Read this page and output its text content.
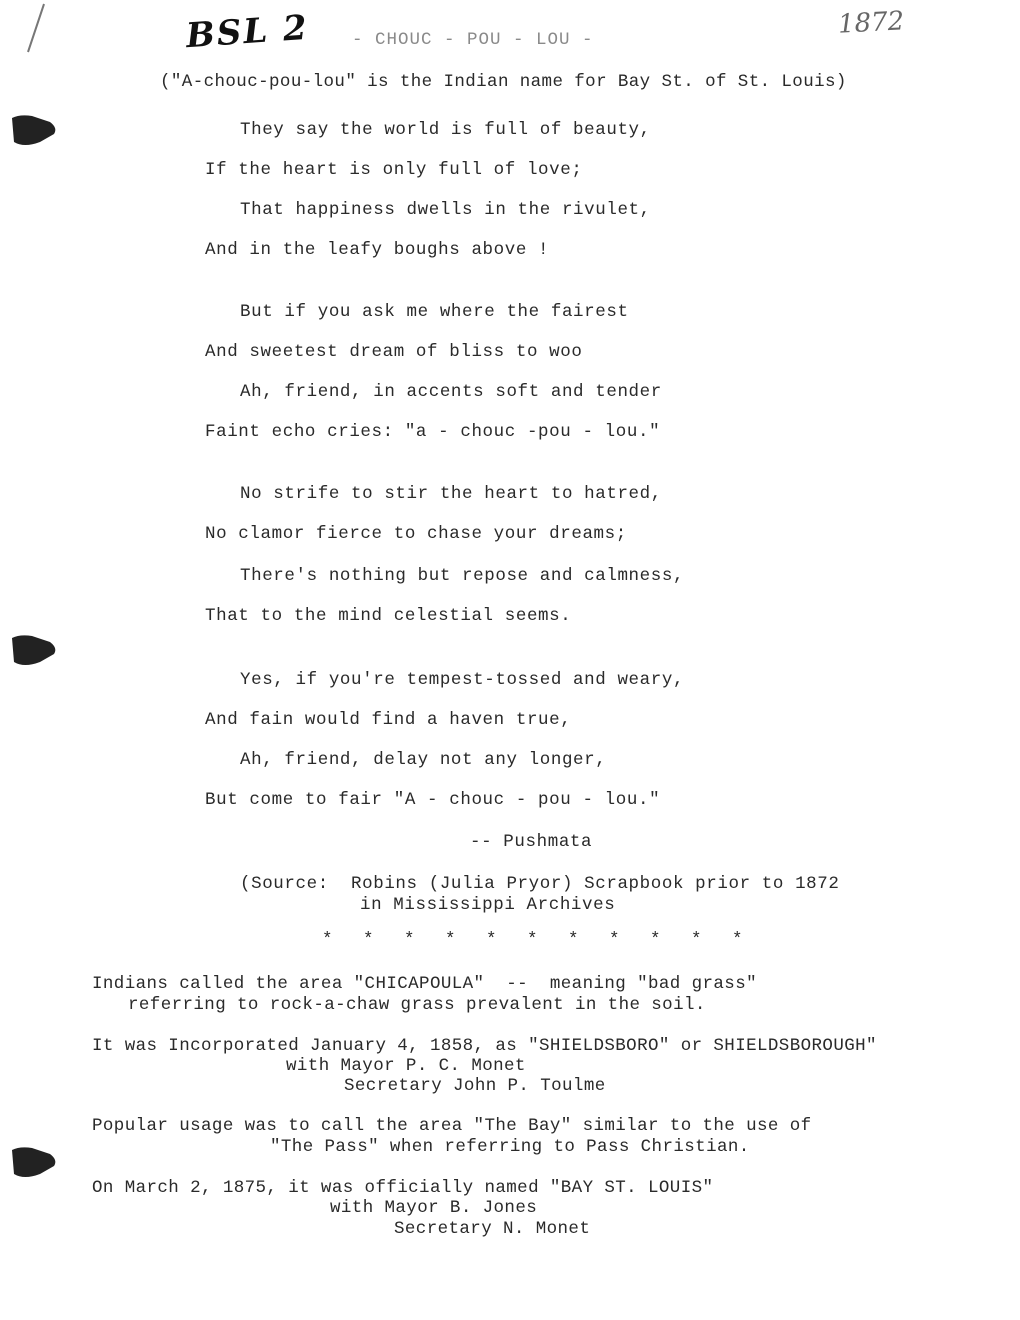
BSL 2	1872
- CHOUC - POU - LOU -
("A-chouc-pou-lou" is the Indian name for Bay St. of St. Louis)
They say the world is full of beauty,
If the heart is only full of love;
That happiness dwells in the rivulet,
And in the leafy boughs above !
But if you ask me where the fairest
And sweetest dream of bliss to woo
Ah, friend, in accents soft and tender
Faint echo cries: "a - chouc -pou - lou."
No strife to stir the heart to hatred,
No clamor fierce to chase your dreams;
There's nothing but repose and calmness,
That to the mind celestial seems.
Yes, if you're tempest-tossed and weary,
And fain would find a haven true,
Ah, friend, delay not any longer,
But come to fair "A - chouc - pou - lou."
-- Pushmata
(Source:  Robins (Julia Pryor) Scrapbook prior to 1872
in Mississippi Archives
* * * * * * * * * * *
Indians called the area "CHICAPOULA"  --  meaning "bad grass"
referring to rock-a-chaw grass prevalent in the soil.
It was Incorporated January 4, 1858, as "SHIELDSBORO" or SHIELDSBOROUGH"
with Mayor P. C. Monet
Secretary John P. Toulme
Popular usage was to call the area "The Bay" similar to the use of
"The Pass" when referring to Pass Christian.
On March 2, 1875, it was officially named "BAY ST. LOUIS"
with Mayor B. Jones
Secretary N. Monet
